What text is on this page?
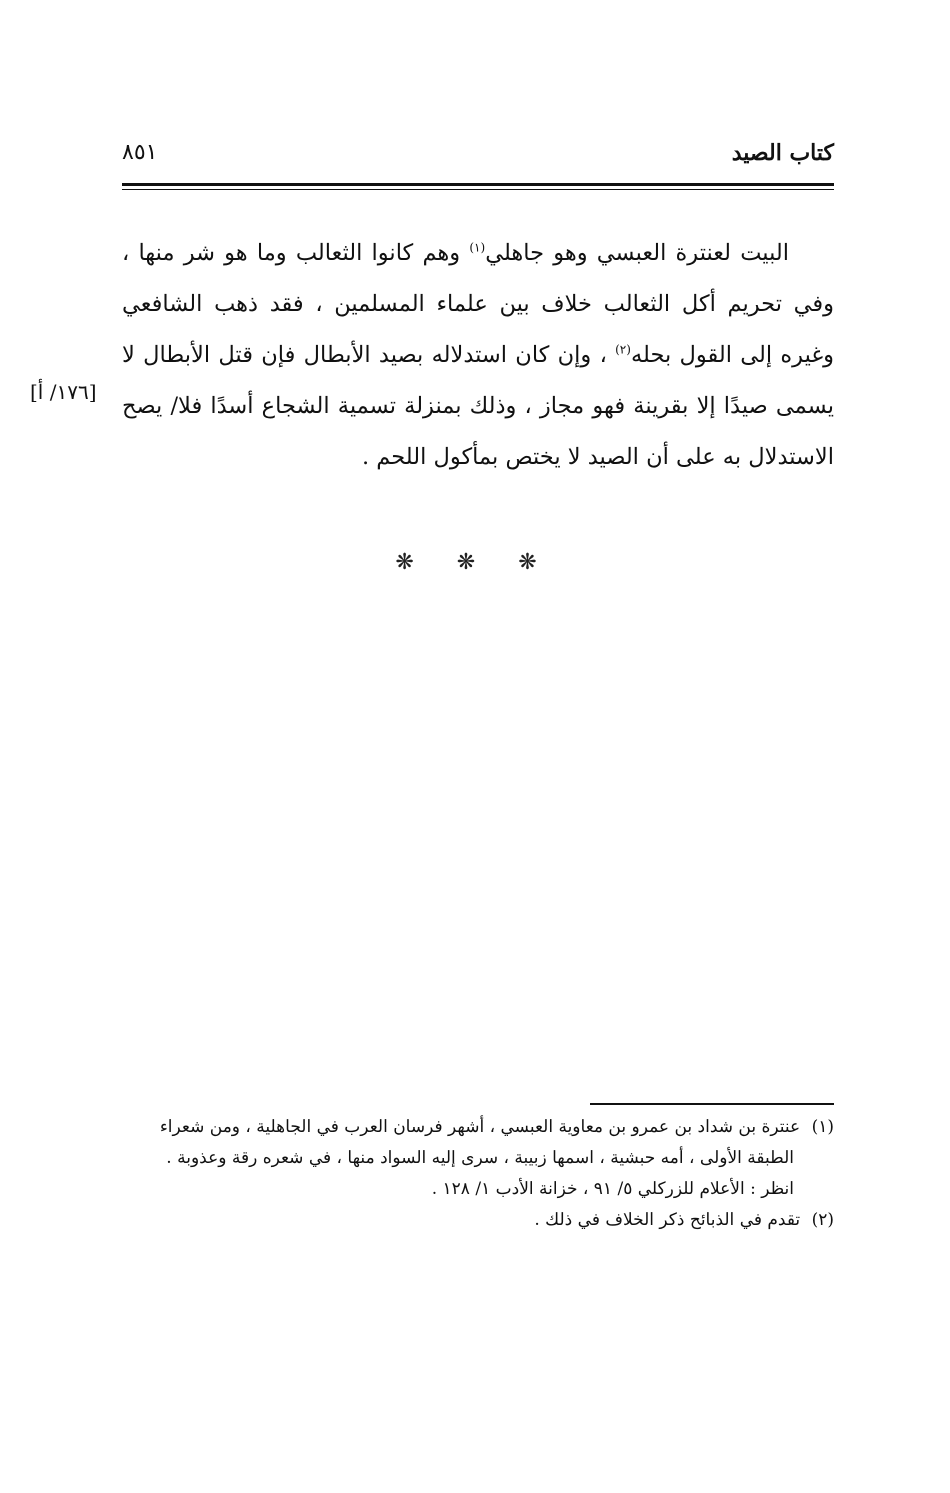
كتاب الصيد
٨٥١

البيت لعنترة العبسي وهو جاهلي$^{(١)}$ وهم كانوا الثعالب وما هو شر منها ، وفي تحريم أكل الثعالب خلاف بين علماء المسلمين ، فقد ذهب الشافعي وغيره إلى القول بحله$^{(٢)}$ ، وإن كان استدلاله بصيد الأبطال فإن قتل الأبطال لا يسمى صيدًا إلا بقرينة فهو مجاز ، وذلك بمنزلة تسمية الشجاع أسدًا فلا/ يصح الاستدلال به على أن الصيد لا يختص بمأكول اللحم .

[١٧٦/ أ]
❋ ❋ ❋
(١) عنترة بن شداد بن عمرو بن معاوية العبسي ، أشهر فرسان العرب في الجاهلية ، ومن شعراء
الطبقة الأولى ، أمه حبشية ، اسمها زبيبة ، سرى إليه السواد منها ، في شعره رقة وعذوبة .
انظر : الأعلام للزركلي ٥/ ٩١ ، خزانة الأدب ١/ ١٢٨ .
(٢) تقدم في الذبائح ذكر الخلاف في ذلك .
